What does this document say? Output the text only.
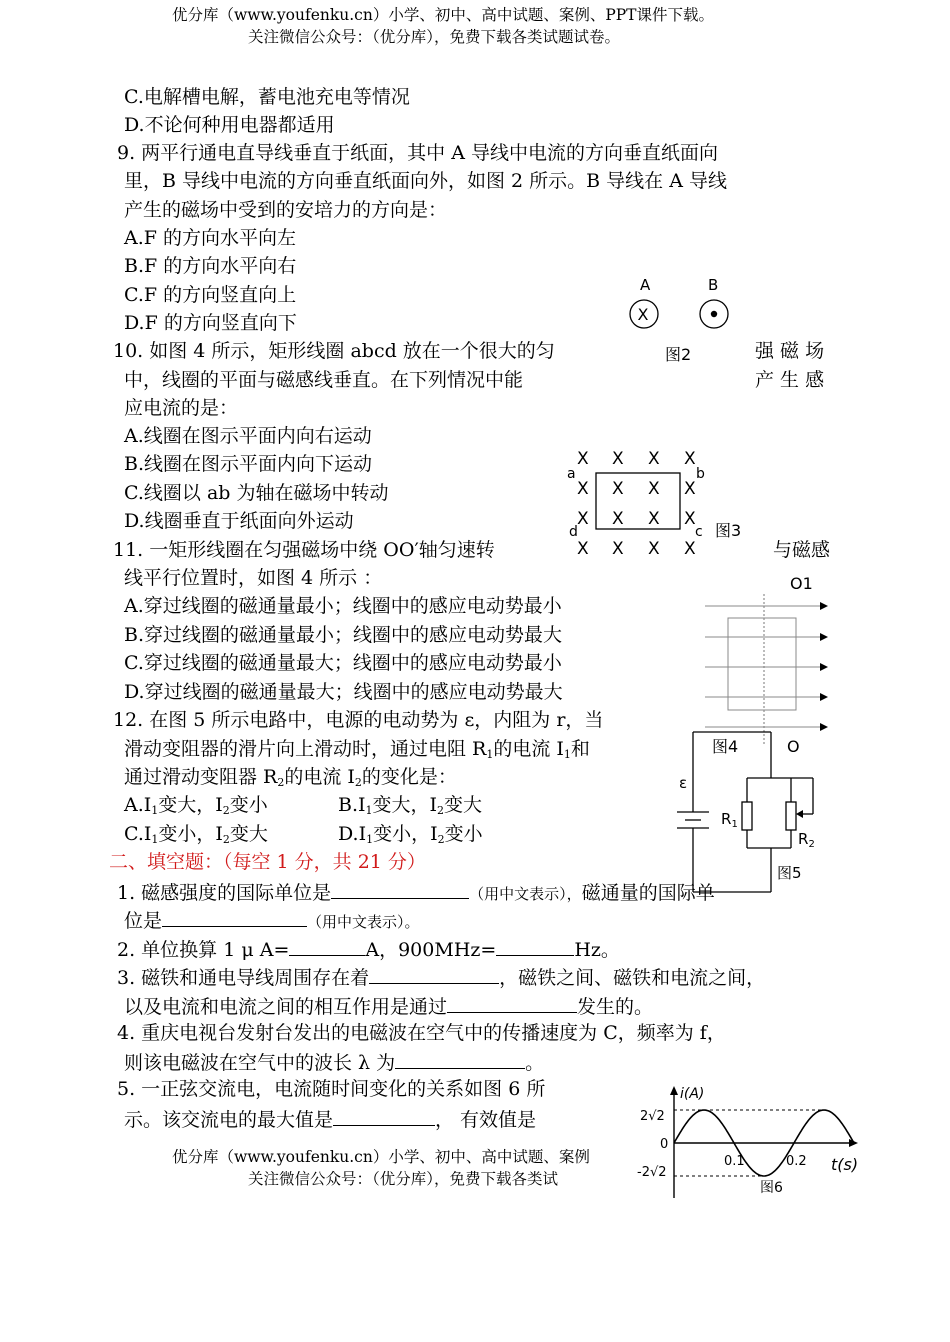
优分库（www.youfenku.cn）小学、初中、高中试题、案例、PPT课件下载。
关注微信公众号：（优分库），免费下载各类试题试卷。
C.电解槽电解，蓄电池充电等情况
D.不论何种用电器都适用
9. 两平行通电直导线垂直于纸面，其中 A 导线中电流的方向垂直纸面向
里，B 导线中电流的方向垂直纸面向外，如图 2 所示。B 导线在 A 导线
产生的磁场中受到的安培力的方向是：
A.F 的方向水平向左
B.F 的方向水平向右
C.F 的方向竖直向上
D.F 的方向竖直向下
A	B
X
图2
10. 如图 4 所示，矩形线圈 abcd 放在一个很大的匀	强 磁 场
中，线圈的平面与磁感线垂直。在下列情况中能	产 生 感
应电流的是：
A.线圈在图示平面内向右运动
B.线圈在图示平面内向下运动
C.线圈以 ab 为轴在磁场中转动
D.线圈垂直于纸面向外运动
X X X X
X X X X
X X X X
X X X X
a	b
c
d	图3
11. 一矩形线圈在匀强磁场中绕 OO′轴匀速转	与磁感
线平行位置时，如图 4 所示 ：
A.穿过线圈的磁通量最小；线圈中的感应电动势最小
B.穿过线圈的磁通量最小；线圈中的感应电动势最大
C.穿过线圈的磁通量最大；线圈中的感应电动势最小
D.穿过线圈的磁通量最大；线圈中的感应电动势最大
O1
图4	O
12. 在图 5 所示电路中，电源的电动势为 ε，内阻为 r，当
滑动变阻器的滑片向上滑动时，通过电阻 $R_1$的电流 $I_1$和
通过滑动变阻器 $R_2$的电流 $I_2$的变化是：
$A.I_1$变大，$I_2$变小	$B.I_1$变大，$I_2$变大
$C.I_1$变小，$I_2$变大	$D.I_1$变小，$I_2$变小
ε
$R_1$
$R_2$
图5
二、填空题：（每空 1 分，共 21 分）
1. 磁感强度的国际单位是	（用中文表示），磁通量的国际单
位是	（用中文表示）。
2. 单位换算 1 μ A=	A，900MHz=	Hz。
3. 磁铁和通电导线周围存在着	，磁铁之间、磁铁和电流之间，
以及电流和电流之间的相互作用是通过	发生的。
4. 重庆电视台发射台发出的电磁波在空气中的传播速度为 C，频率为 f，
则该电磁波在空气中的波长 λ 为	。
5. 一正弦交流电，电流随时间变化的关系如图 6 所
示。该交流电的最大值是	， 有效值是
优分库（www.youfenku.cn）小学、初中、高中试题、案例
关注微信公众号：（优分库），免费下载各类试
i(A)
t(s)
2√2
0
-2√2
0.1	0.2
图6
